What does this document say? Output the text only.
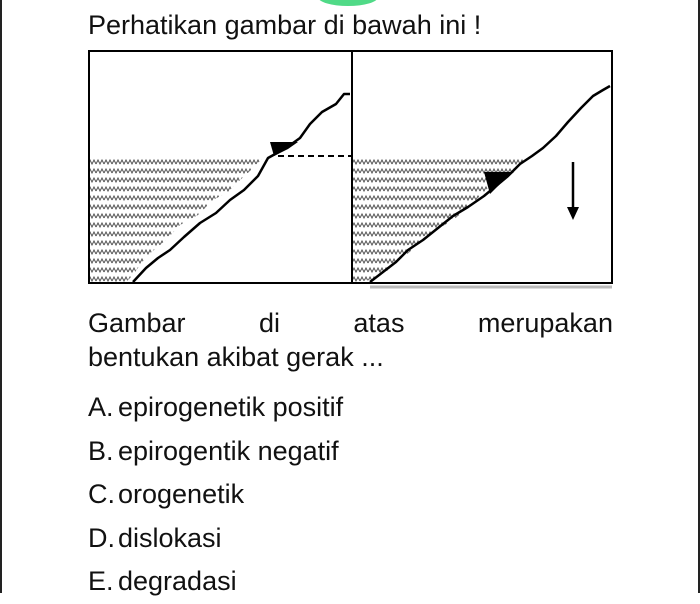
Perhatikan gambar di bawah ini !
Gambar	di	atas	merupakan
bentukan akibat gerak ...
A. epirogenetik positif
B. epirogentik negatif
C. orogenetik
D. dislokasi
E. degradasi
